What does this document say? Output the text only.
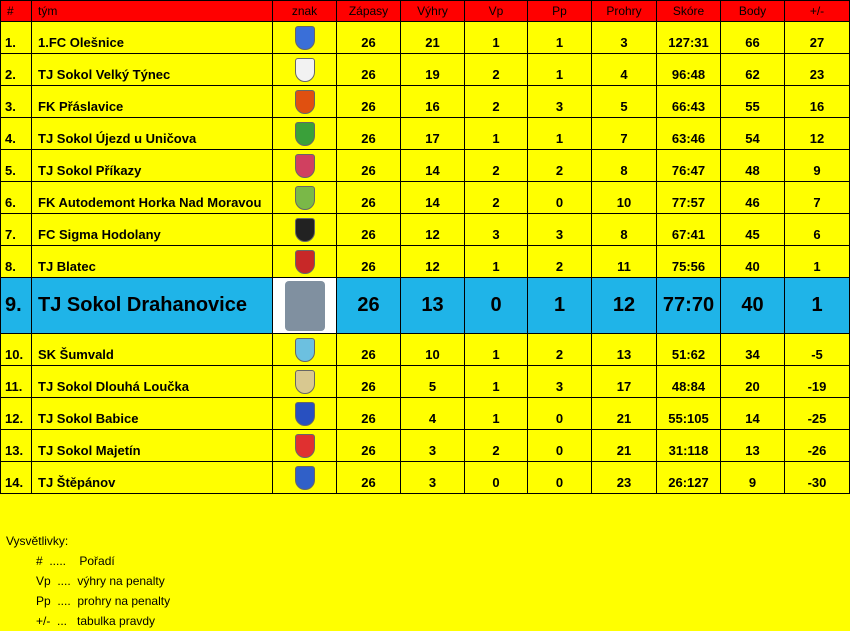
#	tým	znak	Zápasy	Výhry	Vp	Pp	Prohry	Skóre	Body	+/-
1.	1.FC Olešnice		26	21	1	1	3	127:31	66	27
2.	TJ Sokol Velký Týnec		26	19	2	1	4	96:48	62	23
3.	FK Přáslavice		26	16	2	3	5	66:43	55	16
4.	TJ Sokol Újezd u Uničova		26	17	1	1	7	63:46	54	12
5.	TJ Sokol Příkazy		26	14	2	2	8	76:47	48	9
6.	FK Autodemont Horka Nad Moravou		26	14	2	0	10	77:57	46	7
7.	FC Sigma Hodolany		26	12	3	3	8	67:41	45	6
8.	TJ Blatec		26	12	1	2	11	75:56	40	1
9.	TJ Sokol Drahanovice		26	13	0	1	12	77:70	40	1
10.	SK Šumvald		26	10	1	2	13	51:62	34	-5
11.	TJ Sokol Dlouhá Loučka		26	5	1	3	17	48:84	20	-19
12.	TJ Sokol Babice		26	4	1	0	21	55:105	14	-25
13.	TJ Sokol Majetín		26	3	2	0	21	31:118	13	-26
14.	TJ Štěpánov		26	3	0	0	23	26:127	9	-30
Vysvětlivky:
#  .....    Pořadí
Vp  ....  výhry na penalty
Pp  ....  prohry na penalty
+/-  ...   tabulka pravdy
